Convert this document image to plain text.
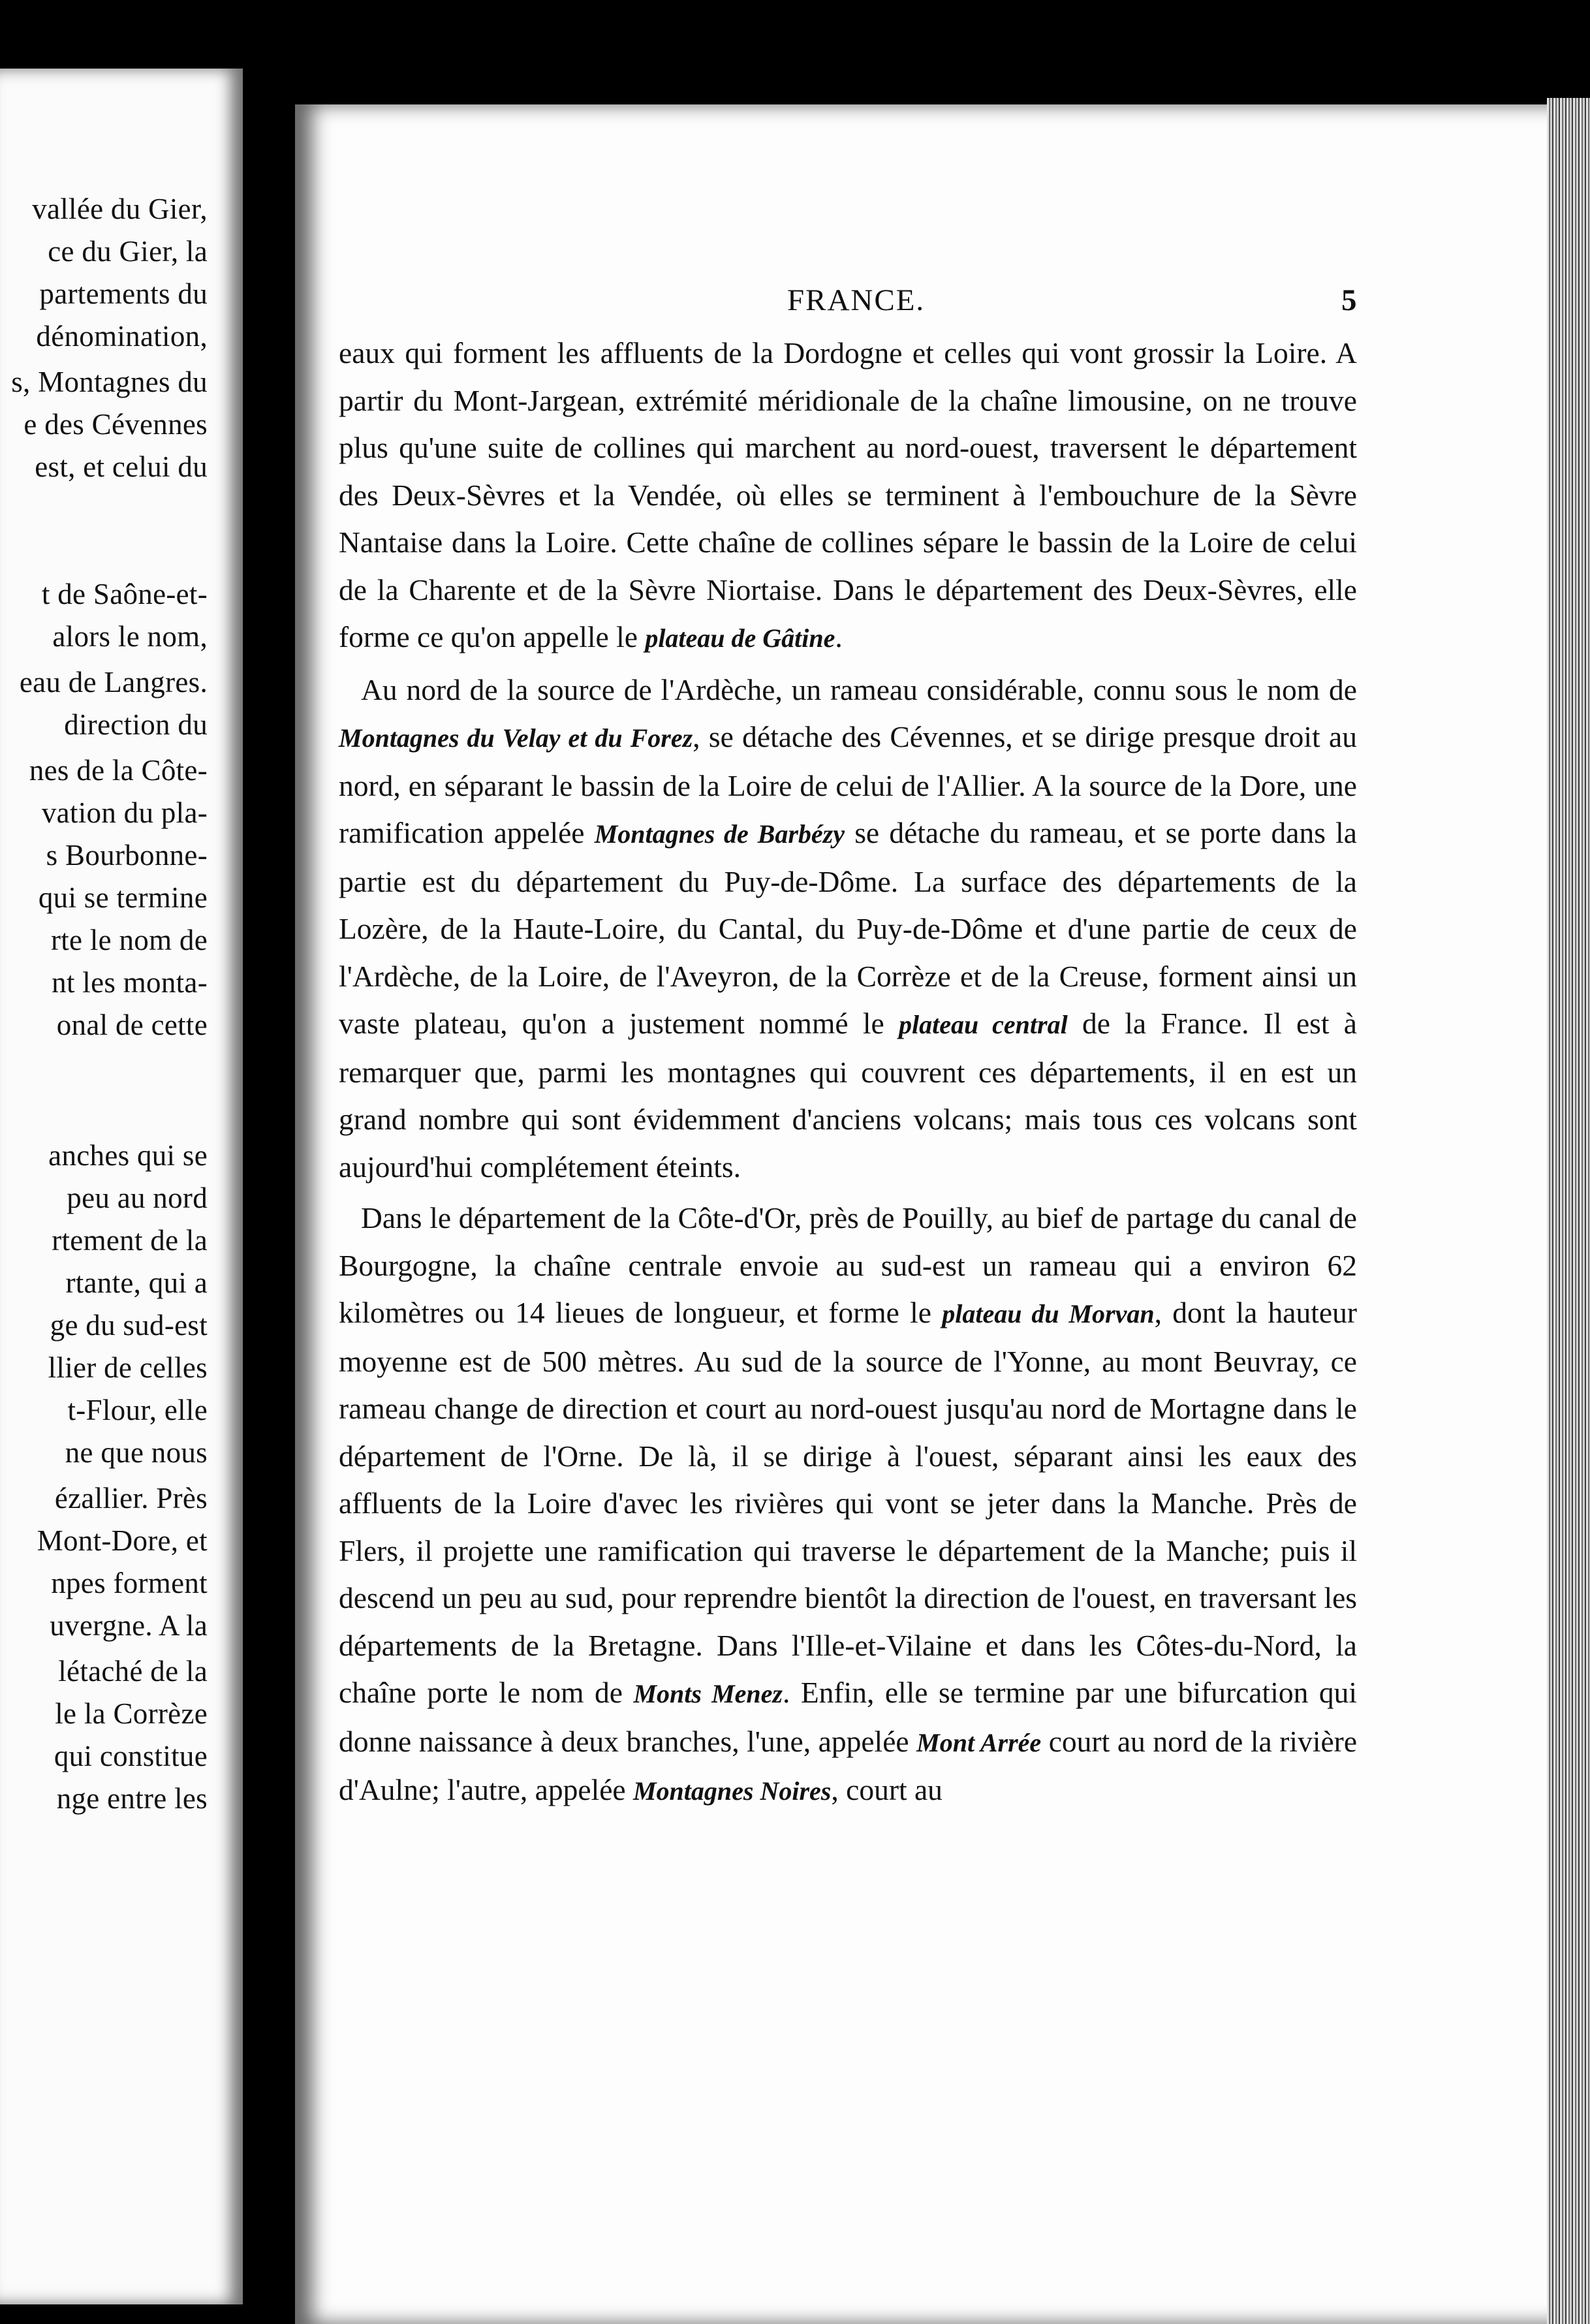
vallée du Gier,
ce du Gier, la
partements du
dénomination,
s, Montagnes du
e des Cévennes
est, et celui du
t de Saône-et-
alors le nom,
eau de Langres.
direction du
nes de la Côte-
vation du pla-
s Bourbonne-
qui se termine
rte le nom de
nt les monta-
onal de cette
anches qui se
peu au nord
rtement de la
rtante, qui a
ge du sud-est
llier de celles
t-Flour, elle
ne que nous
ézallier. Près
Mont-Dore, et
npes forment
uvergne. A la
létaché de la
le la Corrèze
qui constitue
nge entre les
FRANCE.	5

eaux qui forment les affluents de la Dordogne et celles qui vont grossir la Loire. A partir du Mont-Jargean, extrémité méridionale de la chaîne limousine, on ne trouve plus qu'une suite de collines qui marchent au nord-ouest, traversent le département des Deux-Sèvres et la Vendée, où elles se terminent à l'embouchure de la Sèvre Nantaise dans la Loire. Cette chaîne de collines sépare le bassin de la Loire de celui de la Charente et de la Sèvre Niortaise. Dans le département des Deux-Sèvres, elle forme ce qu'on appelle le plateau de Gâtine.

Au nord de la source de l'Ardèche, un rameau considérable, connu sous le nom de Montagnes du Velay et du Forez, se détache des Cévennes, et se dirige presque droit au nord, en séparant le bassin de la Loire de celui de l'Allier. A la source de la Dore, une ramification appelée Montagnes de Barbézy se détache du rameau, et se porte dans la partie est du département du Puy-de-Dôme. La surface des départements de la Lozère, de la Haute-Loire, du Cantal, du Puy-de-Dôme et d'une partie de ceux de l'Ardèche, de la Loire, de l'Aveyron, de la Corrèze et de la Creuse, forment ainsi un vaste plateau, qu'on a justement nommé le plateau central de la France. Il est à remarquer que, parmi les montagnes qui couvrent ces départements, il en est un grand nombre qui sont évidemment d'anciens volcans; mais tous ces volcans sont aujourd'hui complétement éteints.

Dans le département de la Côte-d'Or, près de Pouilly, au bief de partage du canal de Bourgogne, la chaîne centrale envoie au sud-est un rameau qui a environ 62 kilomètres ou 14 lieues de longueur, et forme le plateau du Morvan, dont la hauteur moyenne est de 500 mètres. Au sud de la source de l'Yonne, au mont Beuvray, ce rameau change de direction et court au nord-ouest jusqu'au nord de Mortagne dans le département de l'Orne. De là, il se dirige à l'ouest, séparant ainsi les eaux des affluents de la Loire d'avec les rivières qui vont se jeter dans la Manche. Près de Flers, il projette une ramification qui traverse le département de la Manche; puis il descend un peu au sud, pour reprendre bientôt la direction de l'ouest, en traversant les départements de la Bretagne. Dans l'Ille-et-Vilaine et dans les Côtes-du-Nord, la chaîne porte le nom de Monts Menez. Enfin, elle se termine par une bifurcation qui donne naissance à deux branches, l'une, appelée Mont Arrée court au nord de la rivière d'Aulne; l'autre, appelée Montagnes Noires, court au
